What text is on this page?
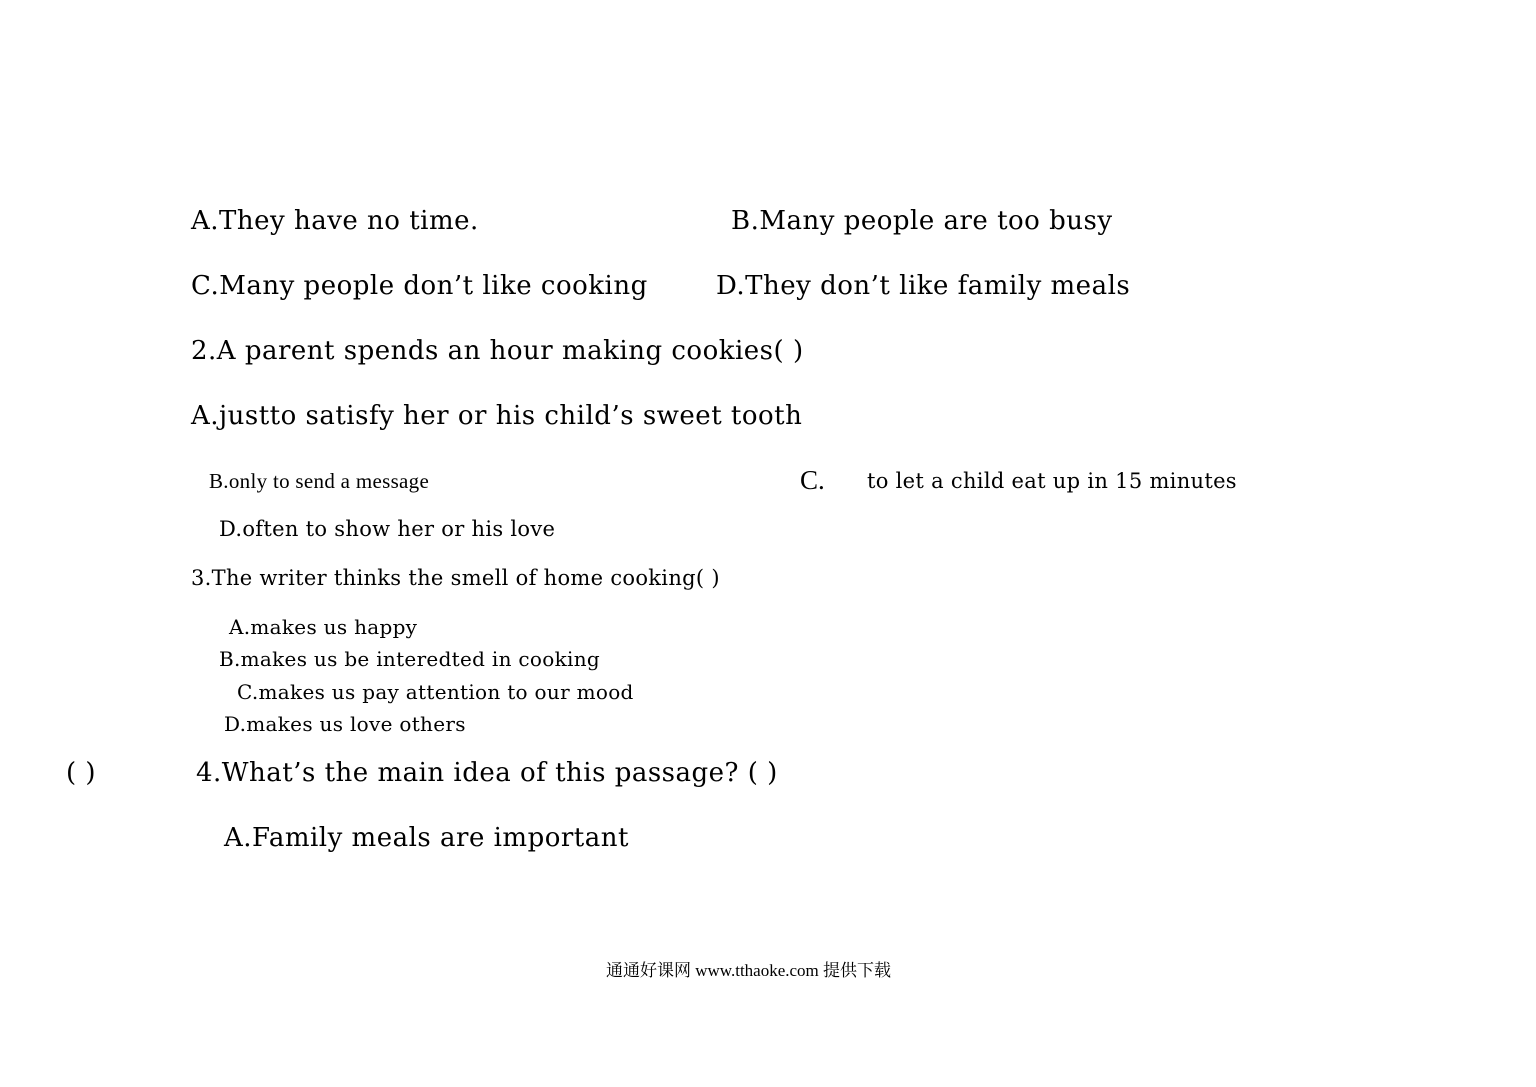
A.They have no time.	B.Many people are too busy
C.Many people don’t like cooking	D.They don’t like family meals
2.A parent spends an hour making cookies( )
A.justto satisfy her or his child’s sweet tooth
B.only to send a message	C. to let a child eat up in 15 minutes
D.often to show her or his love
3.The writer thinks the smell of home cooking( )
A.makes us happy
B.makes us be interedted in cooking
C.makes us pay attention to our mood
D.makes us love others
( )	4.What’s the main idea of this passage? ( )
A.Family meals are important
通通好课网 www.tthaoke.com 提供下载
